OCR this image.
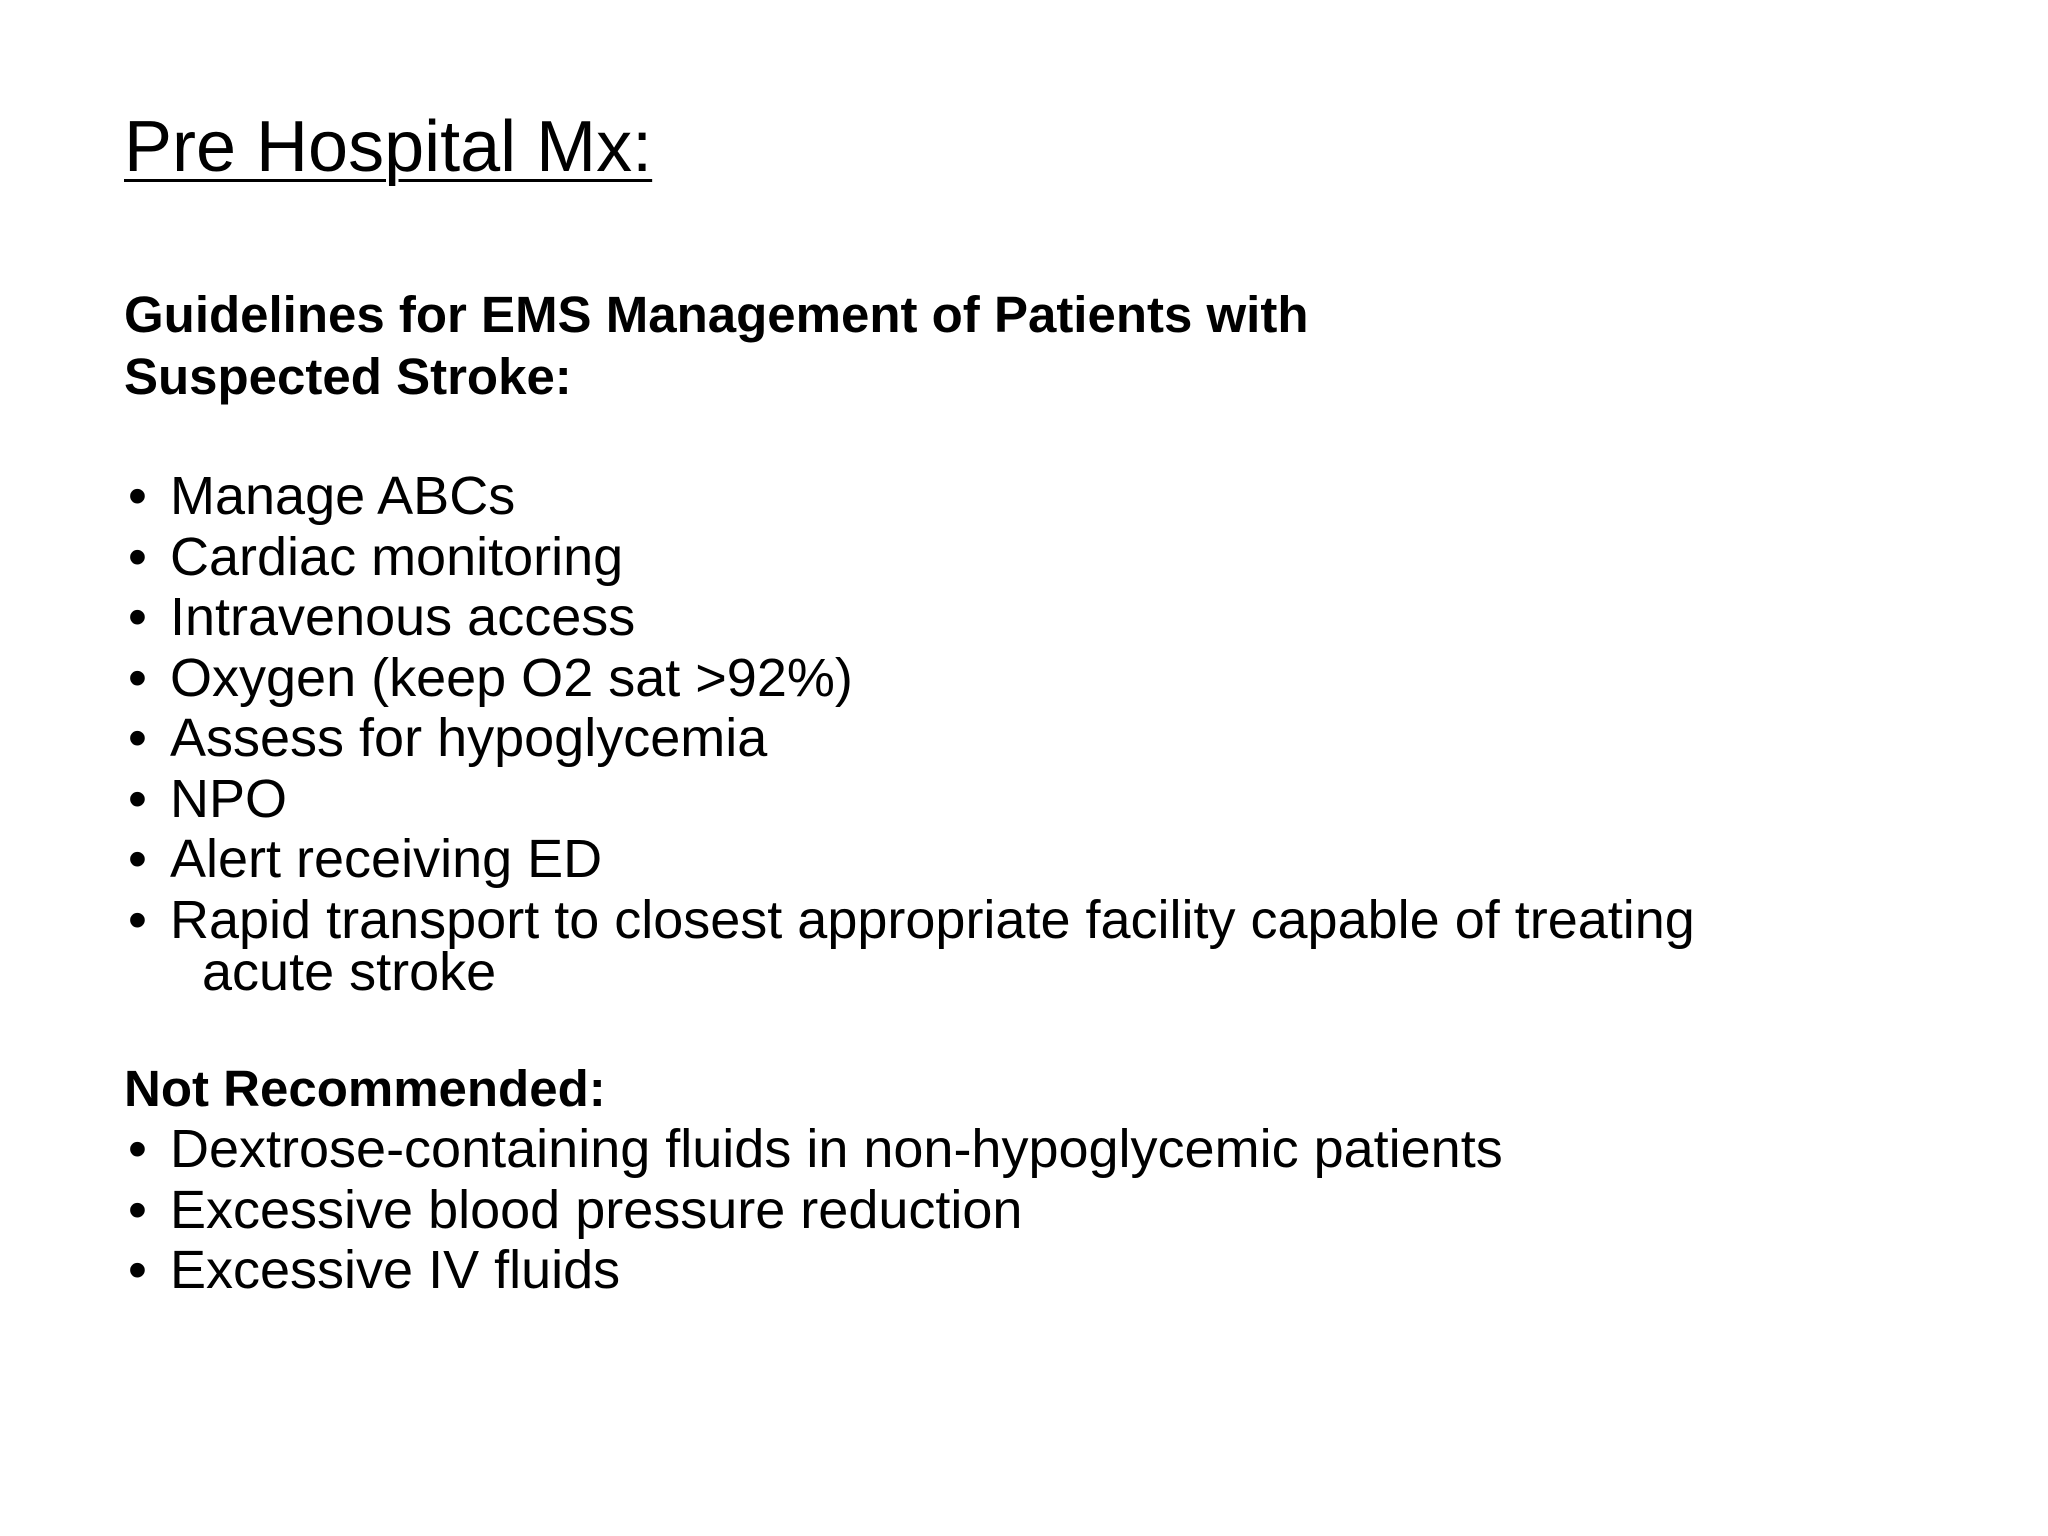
Pre Hospital Mx:
Guidelines for EMS Management of Patients with
Suspected Stroke:
• Manage ABCs
• Cardiac monitoring
• Intravenous access
• Oxygen (keep O2 sat >92%)
• Assess for hypoglycemia
• NPO
• Alert receiving ED
• Rapid transport to closest appropriate facility capable of treating
acute stroke
Not Recommended:
• Dextrose-containing fluids in non-hypoglycemic patients
• Excessive blood pressure reduction
• Excessive IV fluids
